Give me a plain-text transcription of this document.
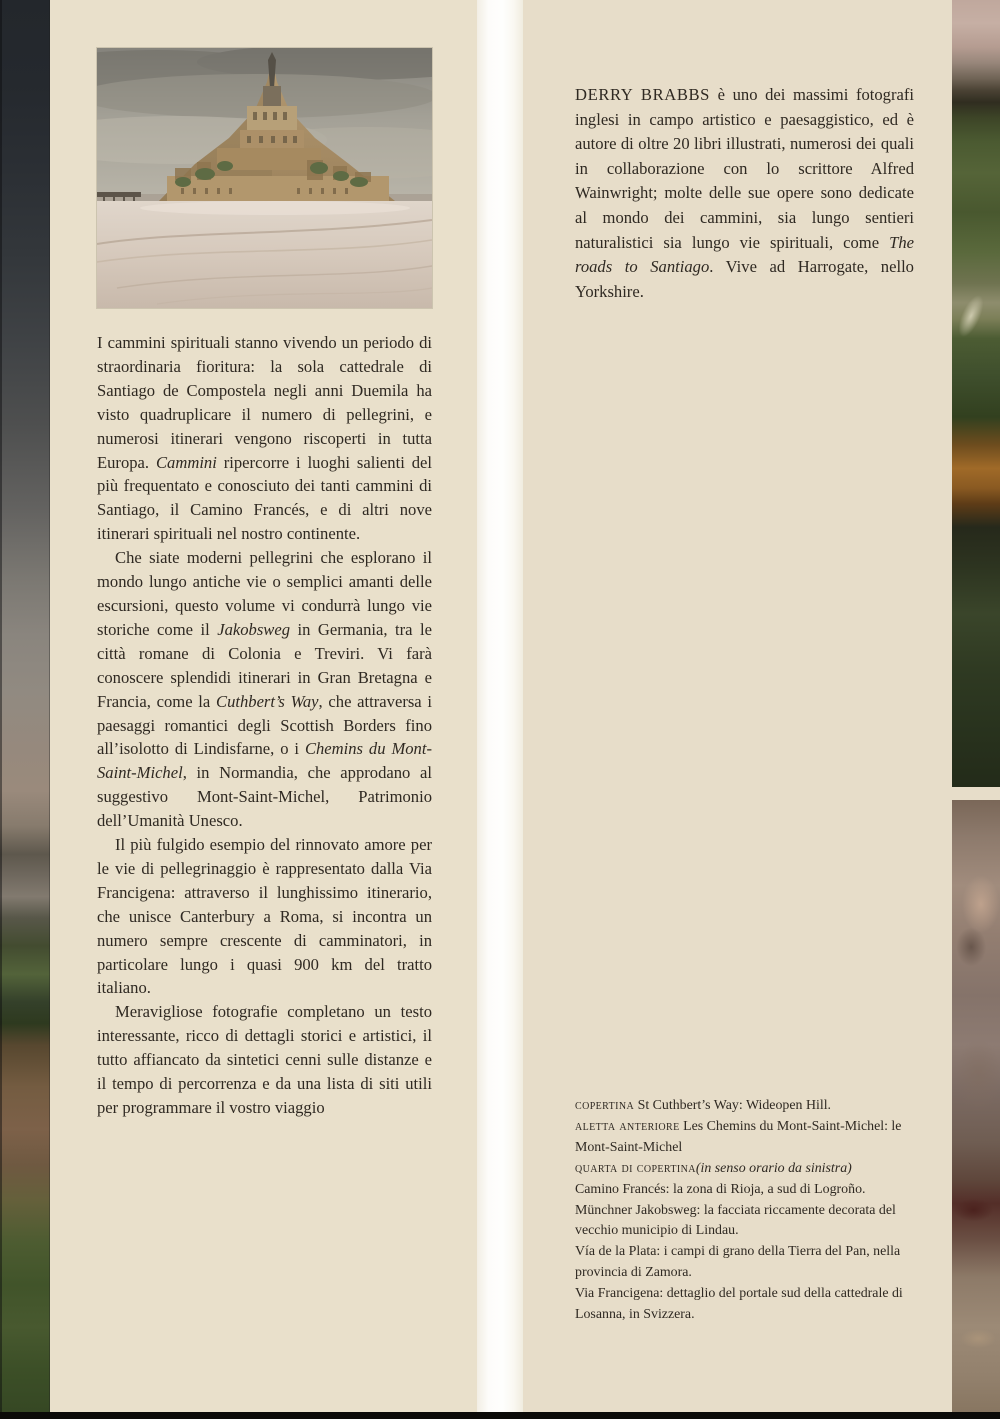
I cammini spirituali stanno vivendo un periodo di straordinaria fioritura: la sola cattedrale di Santiago de Compostela negli anni Duemila ha visto quadruplicare il numero di pellegrini, e numerosi itinerari vengono riscoperti in tutta Europa. Cammini ripercorre i luoghi salienti del più frequentato e conosciuto dei tanti cammini di Santiago, il Camino Francés, e di altri nove itinerari spirituali nel nostro continente.

Che siate moderni pellegrini che esplorano il mondo lungo antiche vie o semplici amanti delle escursioni, questo volume vi condurrà lungo vie storiche come il Jakobsweg in Germania, tra le città romane di Colonia e Treviri. Vi farà conoscere splendidi itinerari in Gran Bretagna e Francia, come la Cuthbert’s Way, che attraversa i paesaggi romantici degli Scottish Borders fino all’isolotto di Lindisfarne, o i Chemins du Mont-Saint-Michel, in Normandia, che approdano al suggestivo Mont-Saint-Michel, Patrimonio dell’Umanità Unesco.

Il più fulgido esempio del rinnovato amore per le vie di pellegrinaggio è rappresentato dalla Via Francigena: attraverso il lunghissimo itinerario, che unisce Canterbury a Roma, si incontra un numero sempre crescente di camminatori, in particolare lungo i quasi 900 km del tratto italiano.

Meravigliose fotografie completano un testo interessante, ricco di dettagli storici e artistici, il tutto affiancato da sintetici cenni sulle distanze e il tempo di percorrenza e da una lista di siti utili per programmare il vostro viaggio

DERRY BRABBS è uno dei massimi fotografi inglesi in campo artistico e paesaggistico, ed è autore di oltre 20 libri illustrati, numerosi dei quali in collaborazione con lo scrittore Alfred Wainwright; molte delle sue opere sono dedicate al mondo dei cammini, sia lungo sentieri naturalistici sia lungo vie spirituali, come The roads to Santiago. Vive ad Harrogate, nello Yorkshire.

copertina St Cuthbert’s Way: Wideopen Hill.

aletta anteriore Les Chemins du Mont-Saint-Michel: le Mont-Saint-Michel

quarta di copertina(in senso orario da sinistra)

Camino Francés: la zona di Rioja, a sud di Logroño.

Münchner Jakobsweg: la facciata riccamente decorata del vecchio municipio di Lindau.

Vía de la Plata: i campi di grano della Tierra del Pan, nella provincia di Zamora.

Via Francigena: dettaglio del portale sud della cattedrale di Losanna, in Svizzera.
